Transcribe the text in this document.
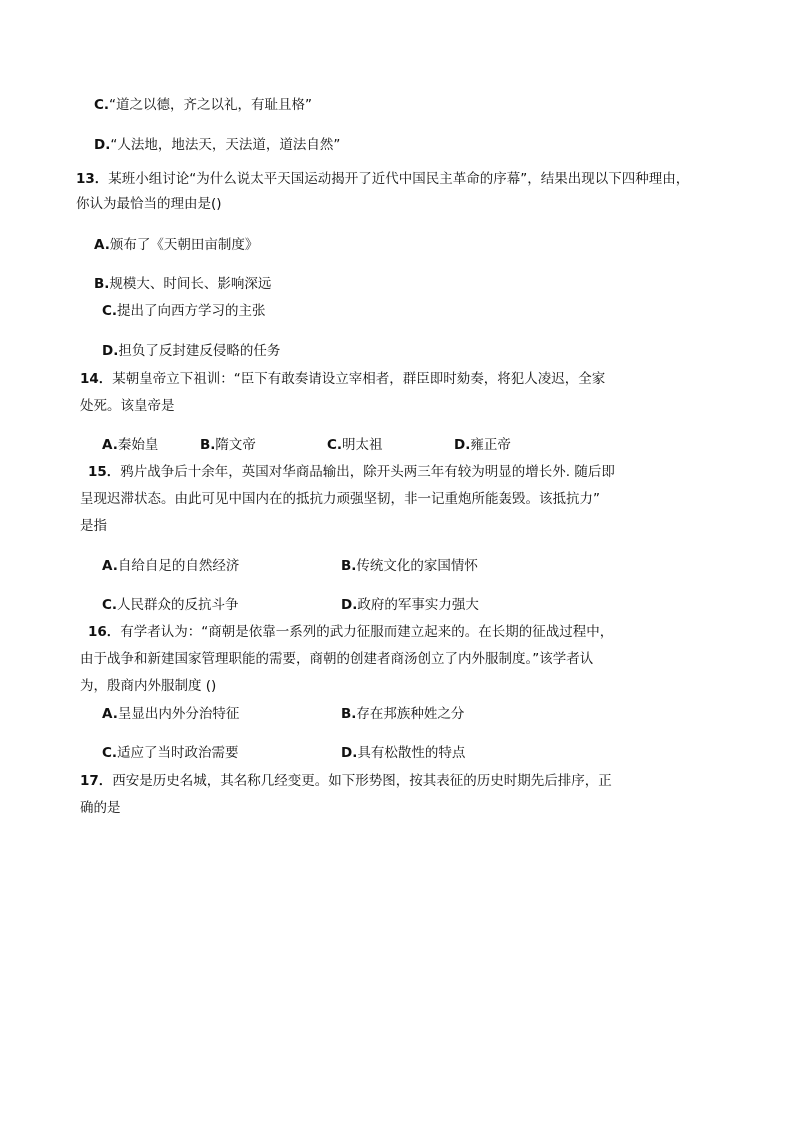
C.“道之以德，齐之以礼，有耻且格”
D.“人法地，地法天，天法道，道法自然”
13．某班小组讨论“为什么说太平天国运动揭开了近代中国民主革命的序幕”，结果出现以下四种理由，
你认为最恰当的理由是()
A.颁布了《天朝田亩制度》
B.规模大、时间长、影响深远
C.提出了向西方学习的主张
D.担负了反封建反侵略的任务
14．某朝皇帝立下祖训：“臣下有敢奏请设立宰相者，群臣即时劾奏，将犯人凌迟，全家
处死。该皇帝是
A.秦始皇	B.隋文帝	C.明太祖	D.雍正帝
15．鸦片战争后十余年，英国对华商品输出，除开头两三年有较为明显的增长外. 随后即
呈现迟滞状态。由此可见中国内在的抵抗力顽强坚韧，非一记重炮所能轰毁。该抵抗力”
是指
A.自给自足的自然经济	B.传统文化的家国情怀
C.人民群众的反抗斗争	D.政府的军事实力强大
16．有学者认为：“商朝是依靠一系列的武力征服而建立起来的。在长期的征战过程中，
由于战争和新建国家管理职能的需要，商朝的创建者商汤创立了内外服制度。”该学者认
为，殷商内外服制度 ()
A.呈显出内外分治特征	B.存在邦族种姓之分
C.适应了当时政治需要	D.具有松散性的特点
17．西安是历史名城，其名称几经变更。如下形势图，按其表征的历史时期先后排序，正
确的是
